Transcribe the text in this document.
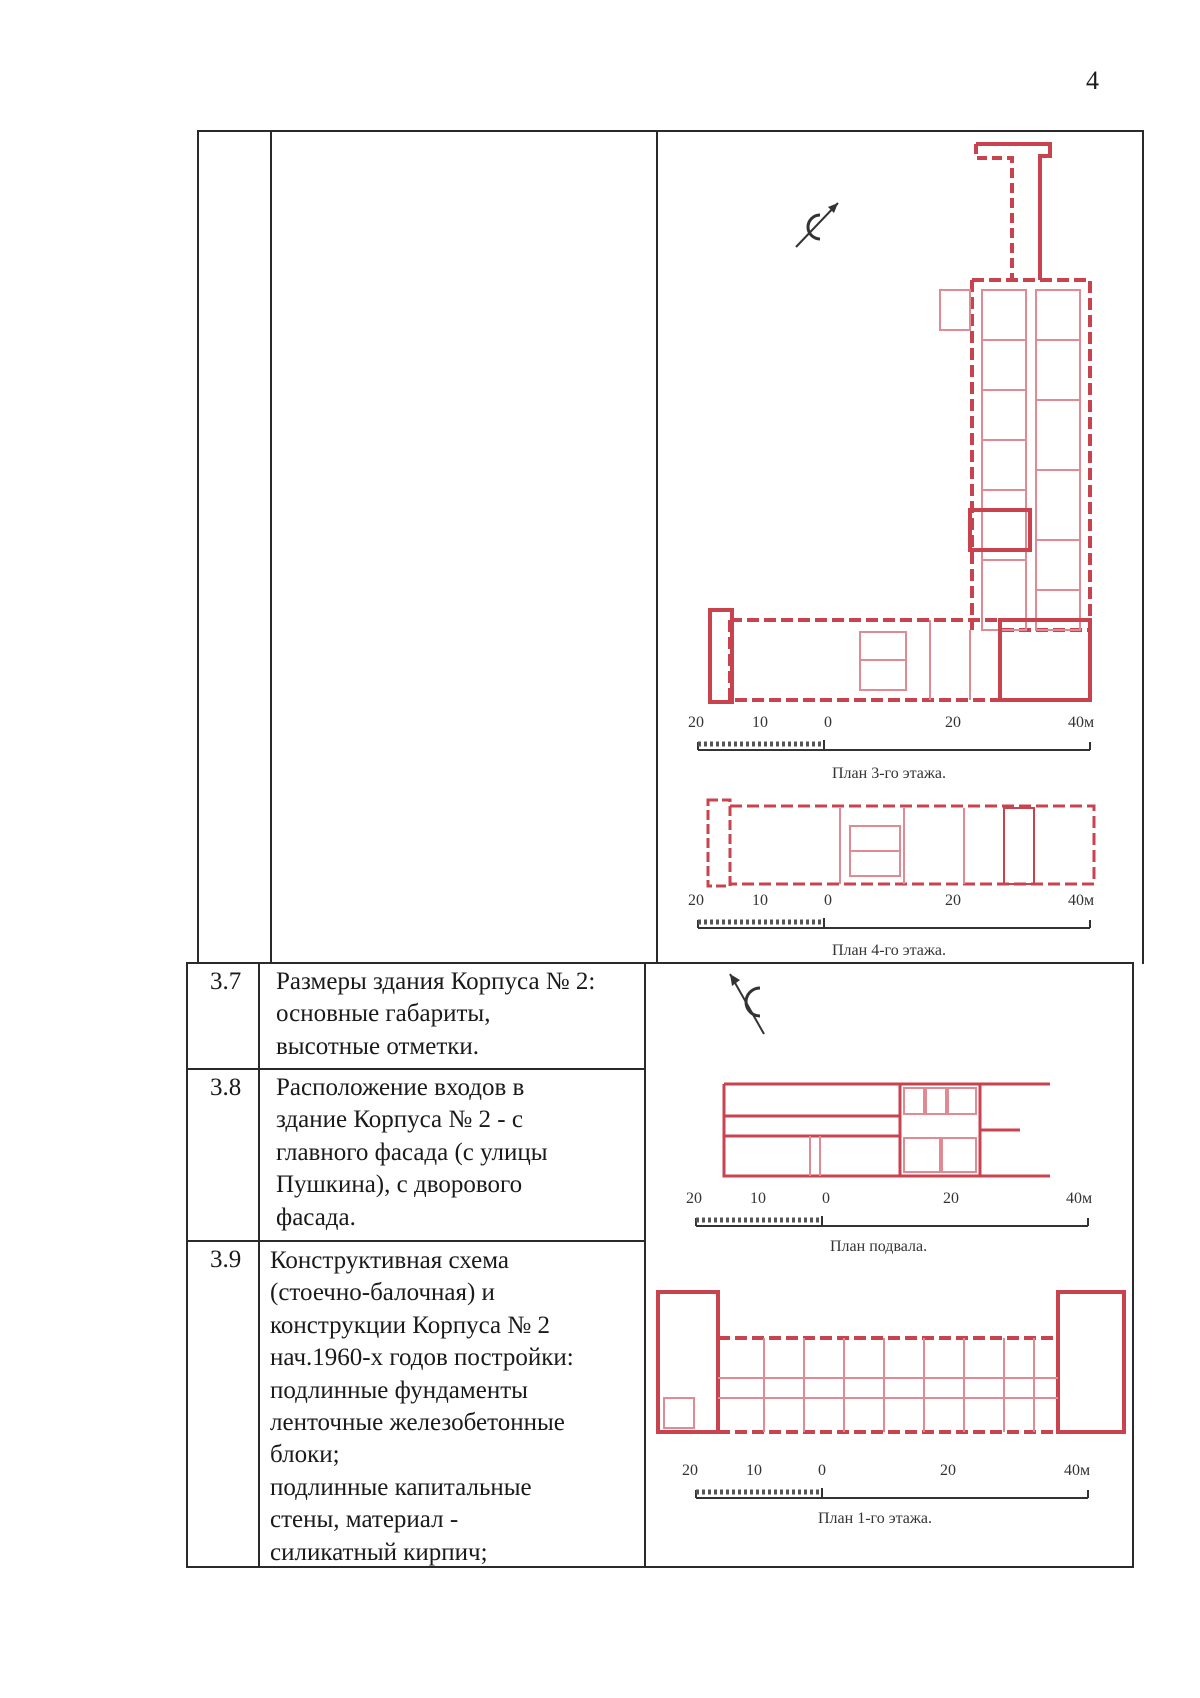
4
3.7 Размеры здания Корпуса № 2:
основные габариты,
высотные отметки.
3.8 Расположение входов в
здание Корпуса № 2 - с
главного фасада (с улицы
Пушкина), с дворового
фасада.
3.9 Конструктивная схема
(стоечно-балочная) и
конструкции Корпуса № 2
нач.1960-х годов постройки:
подлинные фундаменты
ленточные железобетонные
блоки;
подлинные капитальные
стены, материал -
силикатный кирпич;
20	10	0	20	40м
План 3-го этажа.
20	10	0	20	40м
План 4-го этажа.
20	10	0	20	40м
План подвала.
20	10	0	20	40м
План 1-го этажа.
